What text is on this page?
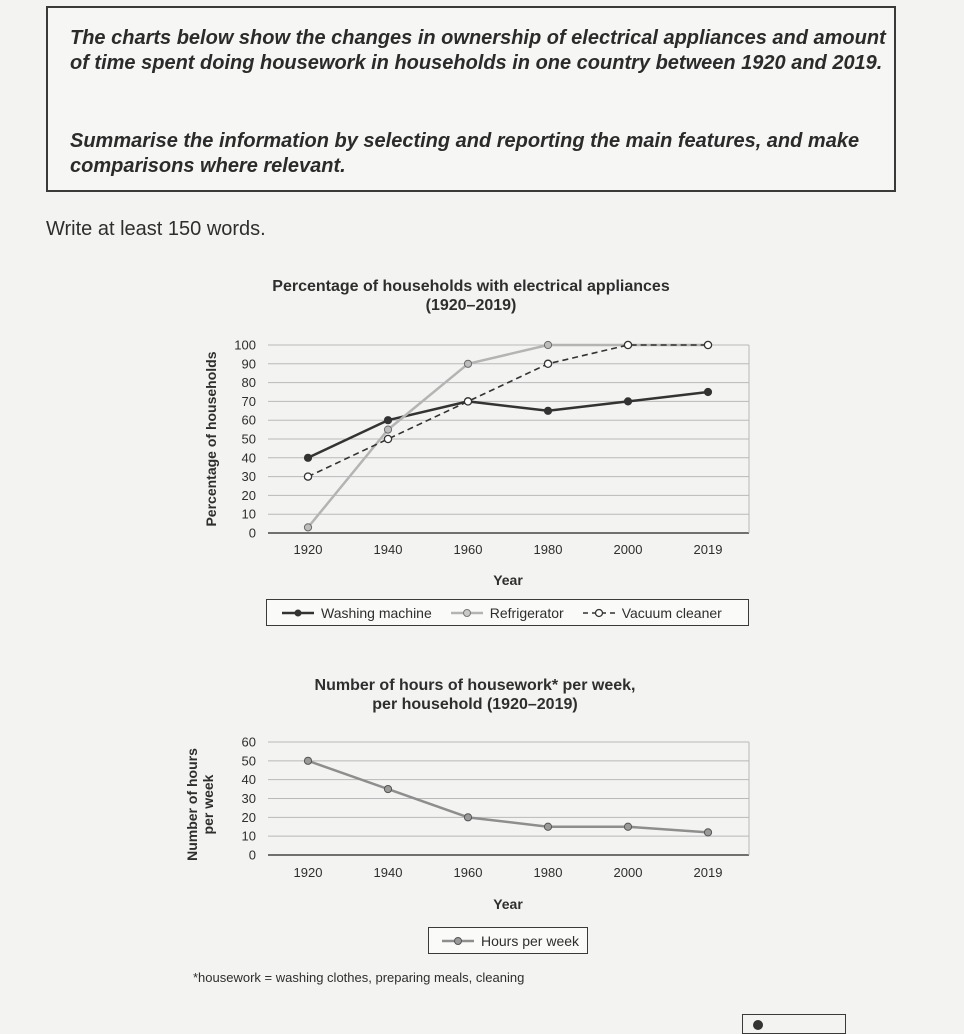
The charts below show the changes in ownership of electrical appliances and amount of time spent doing housework in households in one country between 1920 and 2019.

Summarise the information by selecting and reporting the main features, and make comparisons where relevant.

Write at least 150 words.
Percentage of households with electrical appliances
(1920–2019)
Number of hours of housework* per week,
per household (1920–2019)
0
10
20
30
40
50
60
70
80
90
100
1920	1940	1960	1980	2000	2019
Year
Percentage of households
0
10
20
30
40
50
60
1920	1940	1960	1980	2000	2019
Year
Number of hours per week
Washing machine	Refrigerator	Vacuum cleaner
Hours per week
*housework = washing clothes, preparing meals, cleaning
